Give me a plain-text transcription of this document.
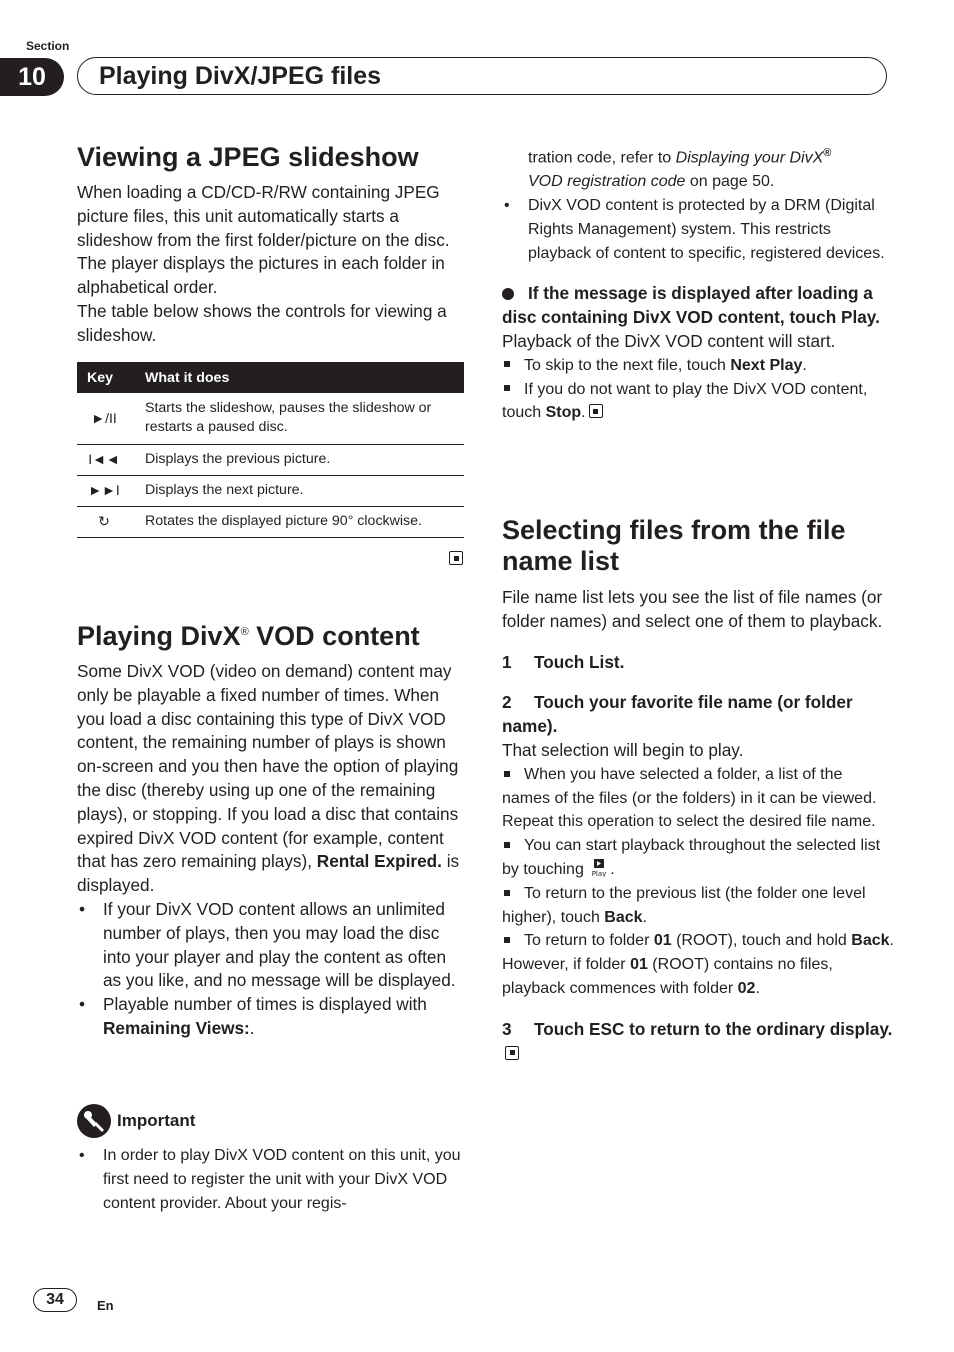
Section
10	Playing DivX/JPEG files
Viewing a JPEG slideshow

When loading a CD/CD-R/RW containing JPEG picture files, this unit automatically starts a slideshow from the first folder/picture on the disc. The player displays the pictures in each folder in alphabetical order.

The table below shows the controls for viewing a slideshow.

Key	What it does
►/II	Starts the slideshow, pauses the slideshow or restarts a paused disc.
I◄◄	Displays the previous picture.
►►I	Displays the next picture.
↻	Rotates the displayed picture 90° clockwise.
Playing DivX® VOD content

Some DivX VOD (video on demand) content may only be playable a fixed number of times. When you load a disc containing this type of DivX VOD content, the remaining number of plays is shown on-screen and you then have the option of playing the disc (thereby using up one of the remaining plays), or stopping. If you load a disc that contains expired DivX VOD content (for example, content that has zero remaining plays), Rental Expired. is displayed.

• If your DivX VOD content allows an unlimited number of plays, then you may load the disc into your player and play the content as often as you like, and no message will be displayed.
• Playable number of times is displayed with Remaining Views:.
Important
• In order to play DivX VOD content on this unit, you first need to register the unit with your DivX VOD content provider. About your regis-

tration code, refer to Displaying your DivX®
VOD registration code on page 50.

• DivX VOD content is protected by a DRM (Digital Rights Management) system. This restricts playback of content to specific, registered devices.

If the message is displayed after loading a disc containing DivX VOD content, touch Play.

Playback of the DivX VOD content will start.

To skip to the next file, touch Next Play.

If you do not want to play the DivX VOD content, touch Stop.

Selecting files from the file name list

File name list lets you see the list of file names (or folder names) and select one of them to playback.

1 Touch List.

2 Touch your favorite file name (or folder name).

That selection will begin to play.

When you have selected a folder, a list of the names of the files (or the folders) in it can be viewed. Repeat this operation to select the desired file name.

You can start playback throughout the selected list by touching Play .

To return to the previous list (the folder one level higher), touch Back.

To return to folder 01 (ROOT), touch and hold Back. However, if folder 01 (ROOT) contains no files, playback commences with folder 02.

3 Touch ESC to return to the ordinary display.

34	En
